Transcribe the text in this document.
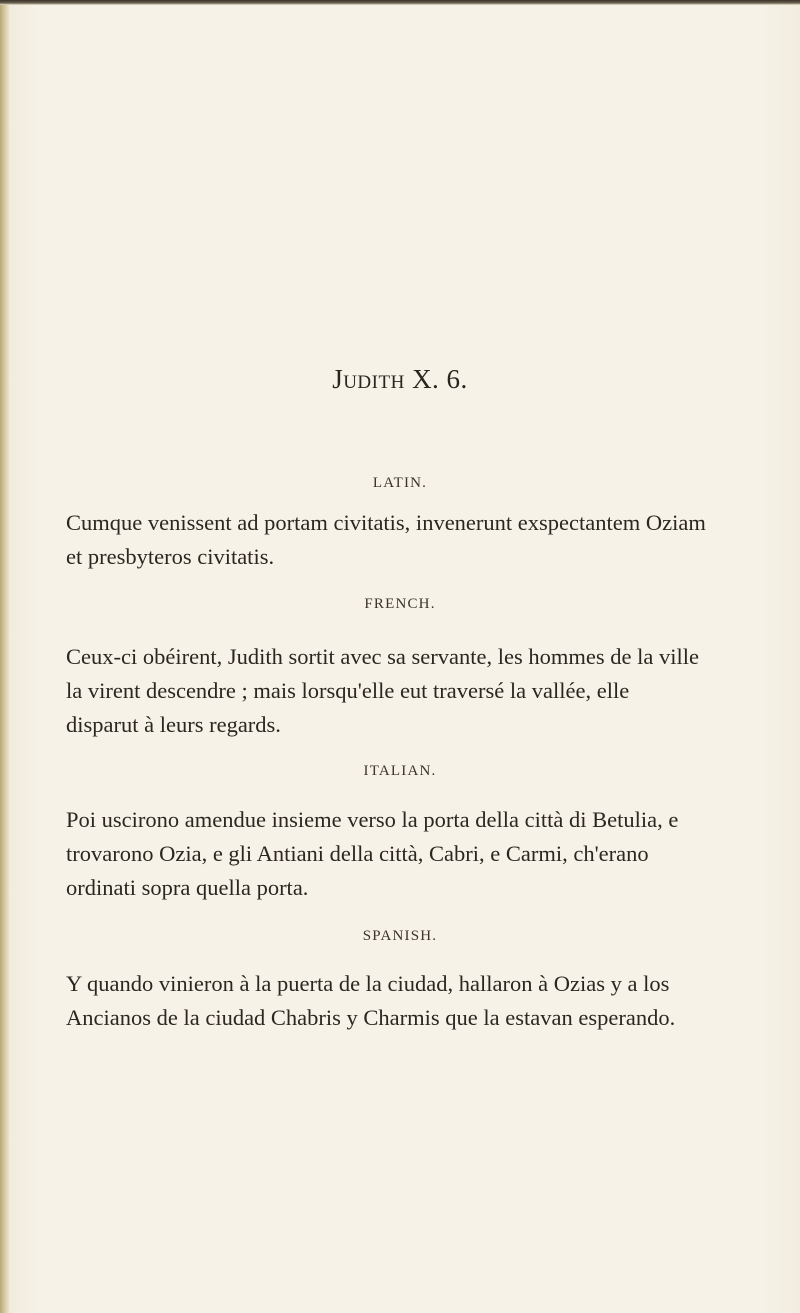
Judith X. 6.
LATIN.

Cumque venissent ad portam civitatis, invenerunt exspectantem Oziam et presbyteros civitatis.

FRENCH.

Ceux-ci obéirent, Judith sortit avec sa servante, les hommes de la ville la virent descendre ; mais lorsqu'elle eut traversé la vallée, elle disparut à leurs regards.

ITALIAN.

Poi uscirono amendue insieme verso la porta della città di Betulia, e trovarono Ozia, e gli Antiani della città, Cabri, e Carmi, ch'erano ordinati sopra quella porta.

SPANISH.

Y quando vinieron à la puerta de la ciudad, hallaron à Ozias y a los Ancianos de la ciudad Chabris y Charmis que la estavan esperando.
